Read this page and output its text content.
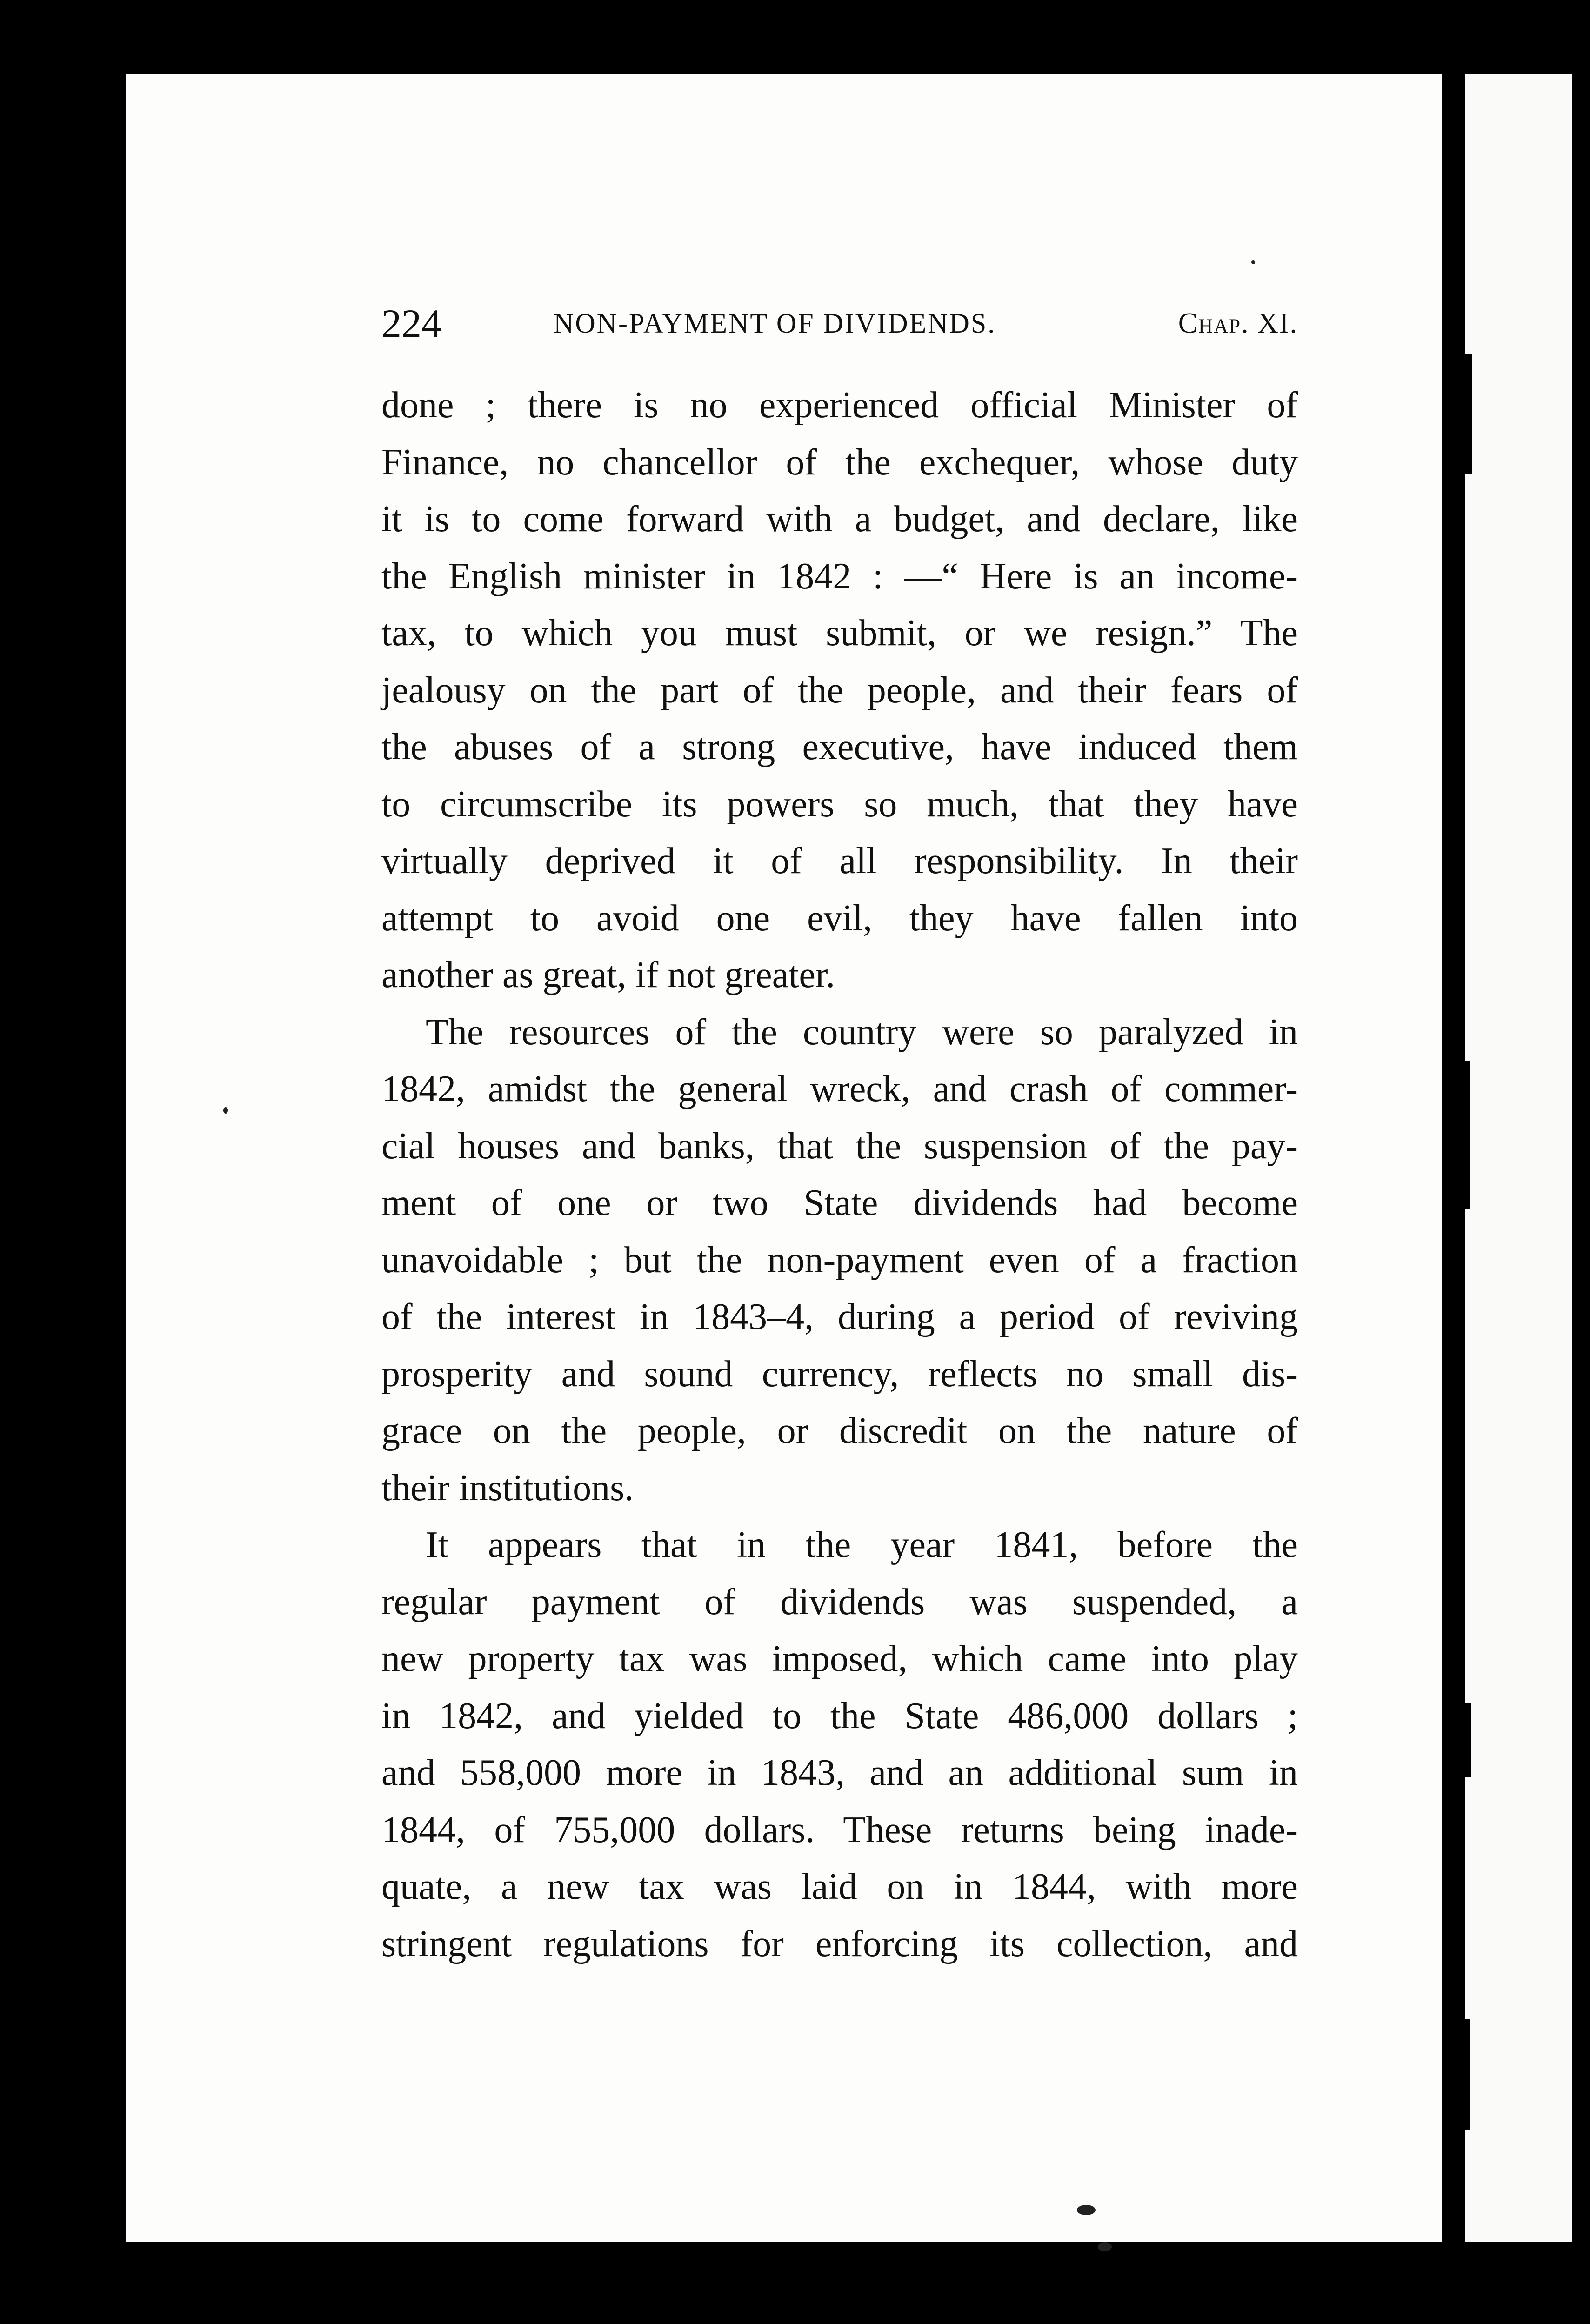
224	NON-PAYMENT OF DIVIDENDS.	Chap. XI.
done ; there is no experienced official Minister of
Finance, no chancellor of the exchequer, whose duty
it is to come forward with a budget, and declare, like
the English minister in 1842 : —“ Here is an income-
tax, to which you must submit, or we resign.” The
jealousy on the part of the people, and their fears of
the abuses of a strong executive, have induced them
to circumscribe its powers so much, that they have
virtually deprived it of all responsibility. In their
attempt to avoid one evil, they have fallen into
another as great, if not greater.
The resources of the country were so paralyzed in
1842, amidst the general wreck, and crash of commer-
cial houses and banks, that the suspension of the pay-
ment of one or two State dividends had become
unavoidable ; but the non-payment even of a fraction
of the interest in 1843–4, during a period of reviving
prosperity and sound currency, reflects no small dis-
grace on the people, or discredit on the nature of
their institutions.
It appears that in the year 1841, before the
regular payment of dividends was suspended, a
new property tax was imposed, which came into play
in 1842, and yielded to the State 486,000 dollars ;
and 558,000 more in 1843, and an additional sum in
1844, of 755,000 dollars. These returns being inade-
quate, a new tax was laid on in 1844, with more
stringent regulations for enforcing its collection, and
